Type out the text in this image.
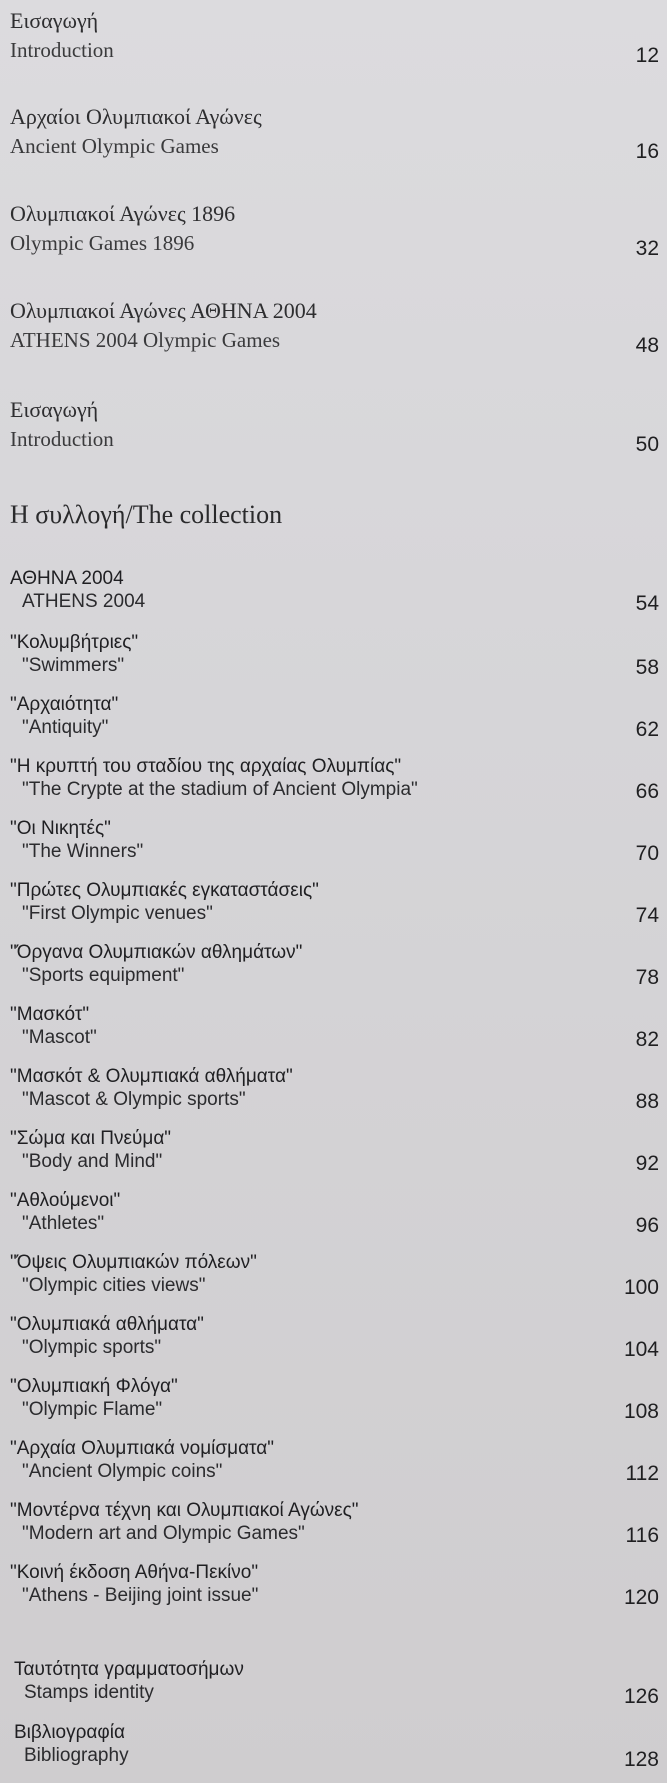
Εισαγωγή
Introduction	12
Αρχαίοι Ολυμπιακοί Αγώνες
Ancient Olympic Games	16
Ολυμπιακοί Αγώνες 1896
Olympic Games 1896	32
Ολυμπιακοί Αγώνες ΑΘΗΝΑ 2004
ATHENS 2004 Olympic Games	48
Εισαγωγή
Introduction	50
Η συλλογή/The collection
ΑΘΗΝΑ 2004
ATHENS 2004	54
"Κολυμβήτριες"
"Swimmers"	58
"Αρχαιότητα"
"Antiquity"	62
"Η κρυπτή του σταδίου της αρχαίας Ολυμπίας"
"The Crypte at the stadium of Ancient Olympia"	66
"Οι Νικητές"
"The Winners"	70
"Πρώτες Ολυμπιακές εγκαταστάσεις"
"First Olympic venues"	74
"Όργανα Ολυμπιακών αθλημάτων"
"Sports equipment"	78
"Μασκότ"
"Mascot"	82
"Μασκότ & Ολυμπιακά αθλήματα"
"Mascot & Olympic sports"	88
"Σώμα και Πνεύμα"
"Body and Mind"	92
"Αθλούμενοι"
"Athletes"	96
"Όψεις Ολυμπιακών πόλεων"
"Olympic cities views"	100
"Ολυμπιακά αθλήματα"
"Olympic sports"	104
"Ολυμπιακή Φλόγα"
"Olympic Flame"	108
"Αρχαία Ολυμπιακά νομίσματα"
"Ancient Olympic coins"	112
"Μοντέρνα τέχνη και Ολυμπιακοί Αγώνες"
"Modern art and Olympic Games"	116
"Κοινή έκδοση Αθήνα-Πεκίνο"
"Athens - Beijing joint issue"	120
Ταυτότητα γραμματοσήμων
Stamps identity	126
Βιβλιογραφία
Bibliography	128
